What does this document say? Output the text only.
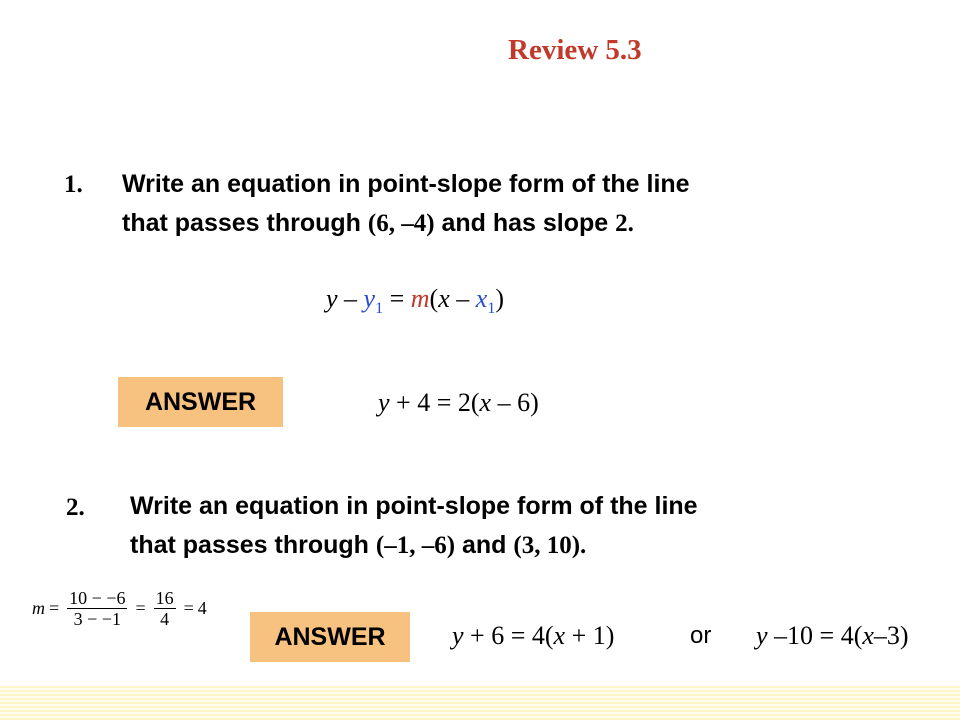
Review 5.3
1. Write an equation in point-slope form of the line
that passes through (6, –4) and has slope 2.
$y - y_1 = m(x - x_1)$
ANSWER	y + 4 = 2(x – 6)
2. Write an equation in point-slope form of the line
that passes through (–1, –6) and (3, 10).
$m = \frac{10 - -6}{3 - -1} = \frac{16}{4} = 4$
ANSWER	y + 6 = 4(x + 1)	or y –10 = 4(x–3)
